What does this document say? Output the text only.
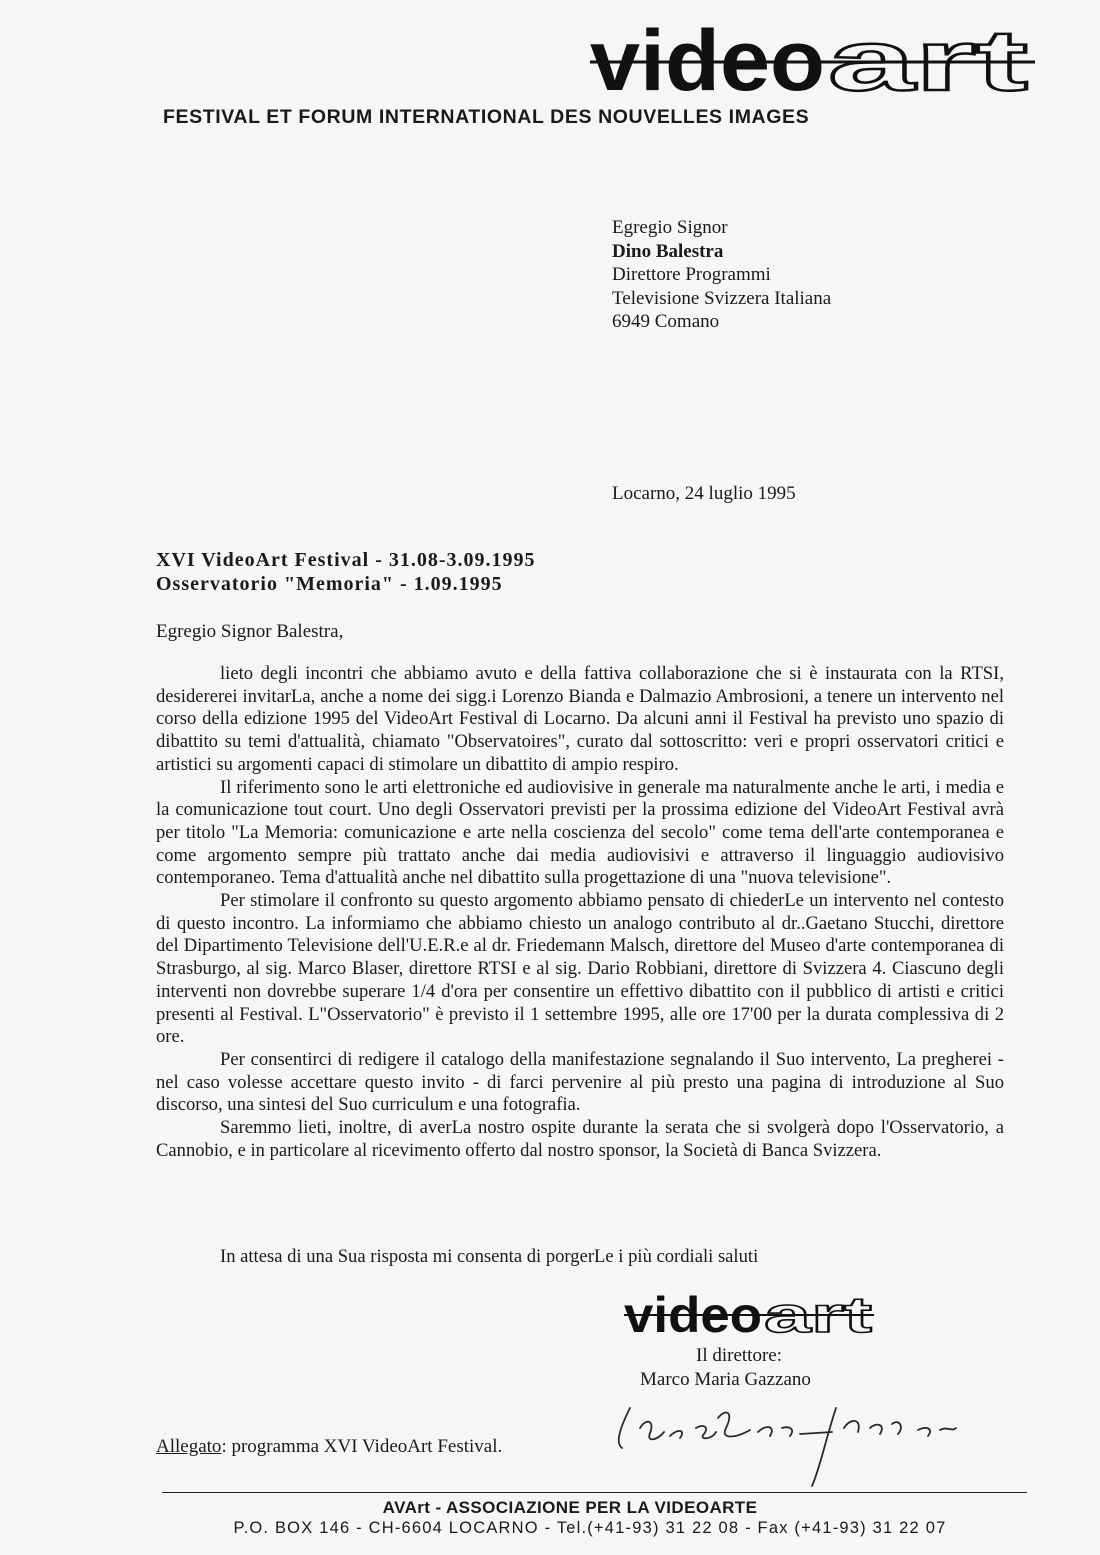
video art
FESTIVAL ET FORUM INTERNATIONAL DES NOUVELLES IMAGES
Egregio Signor
Dino Balestra
Direttore Programmi
Televisione Svizzera Italiana
6949 Comano
Locarno, 24 luglio 1995
XVI VideoArt Festival - 31.08-3.09.1995
Osservatorio "Memoria" - 1.09.1995
Egregio Signor Balestra,

lieto degli incontri che abbiamo avuto e della fattiva collaborazione che si è instaurata con la RTSI, desidererei invitarLa, anche a nome dei sigg.i Lorenzo Bianda e Dalmazio Ambrosioni, a tenere un intervento nel corso della edizione 1995 del VideoArt Festival di Locarno. Da alcuni anni il Festival ha previsto uno spazio di dibattito su temi d'attualità, chiamato "Observatoires", curato dal sottoscritto: veri e propri osservatori critici e artistici su argomenti capaci di stimolare un dibattito di ampio respiro.

Il riferimento sono le arti elettroniche ed audiovisive in generale ma naturalmente anche le arti, i media e la comunicazione tout court. Uno degli Osservatori previsti per la prossima edizione del VideoArt Festival avrà per titolo "La Memoria: comunicazione e arte nella coscienza del secolo" come tema dell'arte contemporanea e come argomento sempre più trattato anche dai media audiovisivi e attraverso il linguaggio audiovisivo contemporaneo. Tema d'attualità anche nel dibattito sulla progettazione di una "nuova televisione".

Per stimolare il confronto su questo argomento abbiamo pensato di chiederLe un intervento nel contesto di questo incontro. La informiamo che abbiamo chiesto un analogo contributo al dr..Gaetano Stucchi, direttore del Dipartimento Televisione dell'U.E.R.e al dr. Friedemann Malsch, direttore del Museo d'arte contemporanea di Strasburgo, al sig. Marco Blaser, direttore RTSI e al sig. Dario Robbiani, direttore di Svizzera 4. Ciascuno degli interventi non dovrebbe superare 1/4 d'ora per consentire un effettivo dibattito con il pubblico di artisti e critici presenti al Festival. L"Osservatorio" è previsto il 1 settembre 1995, alle ore 17'00 per la durata complessiva di 2 ore.

Per consentirci di redigere il catalogo della manifestazione segnalando il Suo intervento, La pregherei - nel caso volesse accettare questo invito - di farci pervenire al più presto una pagina di introduzione al Suo discorso, una sintesi del Suo curriculum e una fotografia.

Saremmo lieti, inoltre, di averLa nostro ospite durante la serata che si svolgerà dopo l'Osservatorio, a Cannobio, e in particolare al ricevimento offerto dal nostro sponsor, la Società di Banca Svizzera.

In attesa di una Sua risposta mi consenta di porgerLe i più cordiali saluti
video art
Il direttore:
Marco Maria Gazzano
Allegato: programma XVI VideoArt Festival.
AVArt - ASSOCIAZIONE PER LA VIDEOARTE
P.O. BOX 146 - CH-6604 LOCARNO - Tel.(+41-93) 31 22 08 - Fax (+41-93) 31 22 07
